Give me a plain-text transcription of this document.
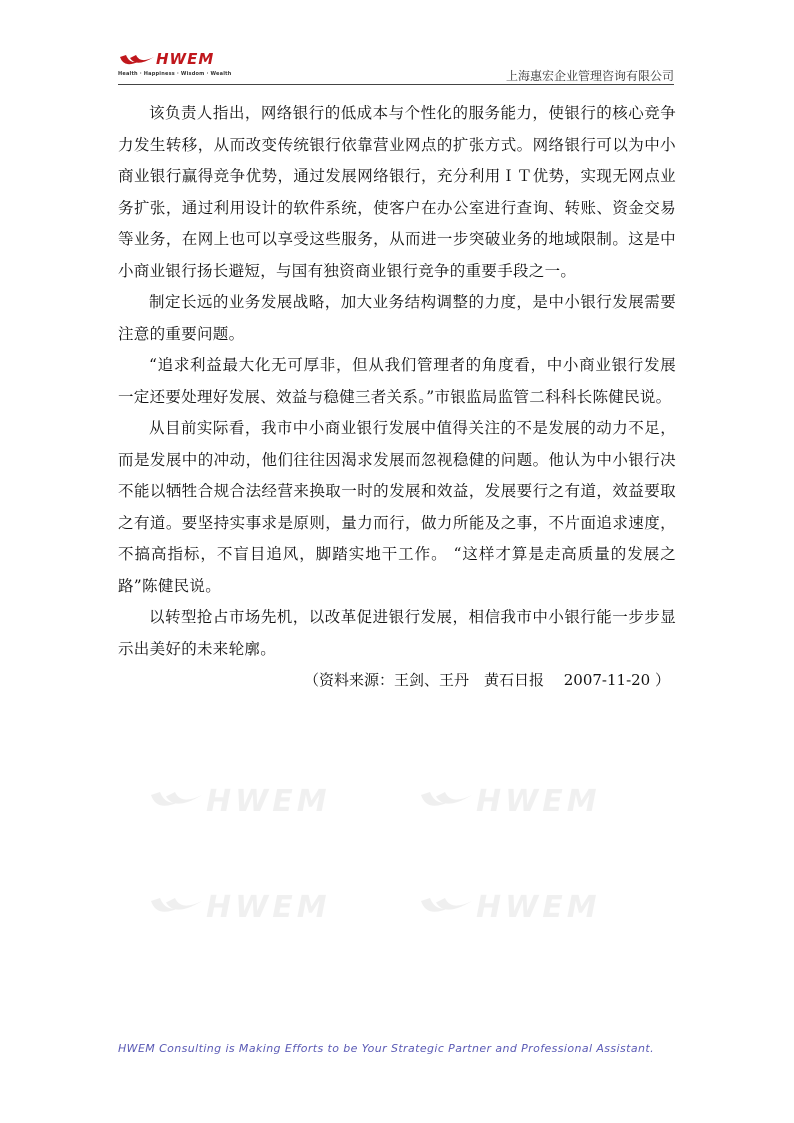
HWEM
Health · Happiness · Wisdom · Wealth	上海惠宏企业管理咨询有限公司
HWEM	HWEM
HWEM	HWEM

该负责人指出，网络银行的低成本与个性化的服务能力，使银行的核心竞争力发生转移，从而改变传统银行依靠营业网点的扩张方式。网络银行可以为中小商业银行赢得竞争优势，通过发展网络银行，充分利用ＩＴ优势，实现无网点业务扩张，通过利用设计的软件系统，使客户在办公室进行查询、转账、资金交易等业务，在网上也可以享受这些服务，从而进一步突破业务的地域限制。这是中小商业银行扬长避短，与国有独资商业银行竞争的重要手段之一。

制定长远的业务发展战略，加大业务结构调整的力度，是中小银行发展需要注意的重要问题。

“追求利益最大化无可厚非，但从我们管理者的角度看，中小商业银行发展一定还要处理好发展、效益与稳健三者关系。”市银监局监管二科科长陈健民说。

从目前实际看，我市中小商业银行发展中值得关注的不是发展的动力不足，而是发展中的冲动，他们往往因渴求发展而忽视稳健的问题。他认为中小银行决不能以牺牲合规合法经营来换取一时的发展和效益，发展要行之有道，效益要取之有道。要坚持实事求是原则，量力而行，做力所能及之事，不片面追求速度，不搞高指标，不盲目追风，脚踏实地干工作。 “这样才算是走高质量的发展之路”陈健民说。

以转型抢占市场先机，以改革促进银行发展，相信我市中小银行能一步步显示出美好的未来轮廓。

（资料来源：王剑、王丹　黄石日报　 2007-11-20 ）

HWEM Consulting is Making Efforts to be Your Strategic Partner and Professional Assistant.
